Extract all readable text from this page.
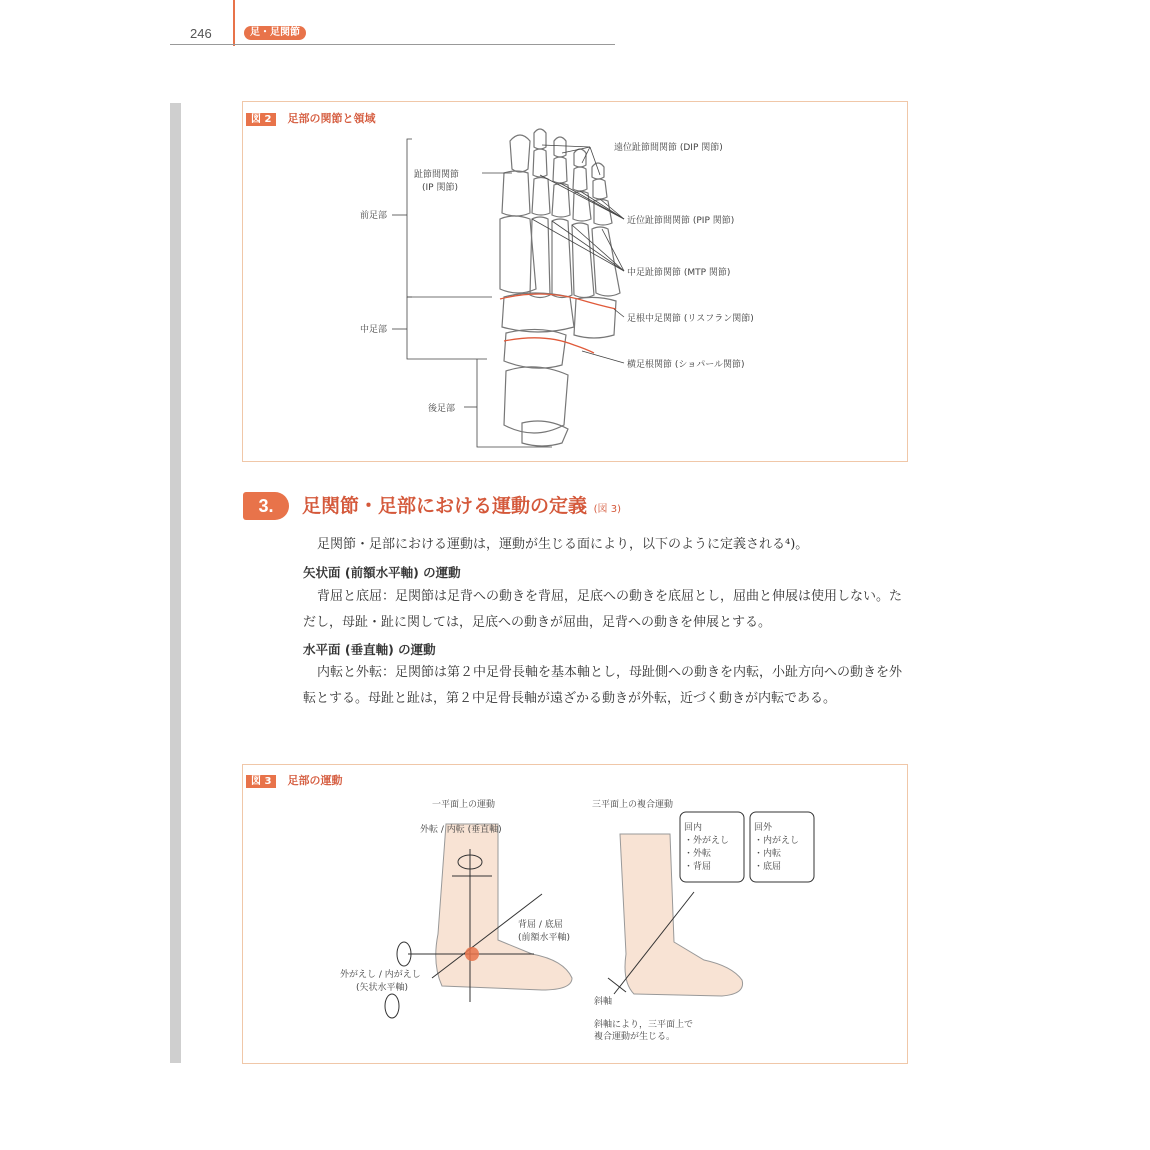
246	足・足関節
図 2 足部の関節と領域
遠位趾節間関節 (DIP 関節)
趾節間関節
(IP 関節)
近位趾節間関節 (PIP 関節)
前足部
中足趾節関節 (MTP 関節)
足根中足関節 (リスフラン関節)
中足部
横足根関節 (ショパール関節)
後足部
3.	足関節・足部における運動の定義 (図 3)
足関節・足部における運動は，運動が生じる面により，以下のように定義される⁴)。
矢状面 (前額水平軸) の運動
背屈と底屈：足関節は足背への動きを背屈，足底への動きを底屈とし，屈曲と伸展は使用しない。ただし，母趾・趾に関しては，足底への動きが屈曲，足背への動きを伸展とする。
水平面 (垂直軸) の運動
内転と外転：足関節は第２中足骨長軸を基本軸とし，母趾側への動きを内転，小趾方向への動きを外転とする。母趾と趾は，第２中足骨長軸が遠ざかる動きが外転，近づく動きが内転である。
図 3 足部の運動
一平面上の運動
外転 / 内転 (垂直軸)
背屈 / 底屈
(前額水平軸)
外がえし / 内がえし
(矢状水平軸)
三平面上の複合運動
回内
・外がえし
・外転
・背屈
回外
・内がえし
・内転
・底屈
斜軸
斜軸により，三平面上で
複合運動が生じる。
